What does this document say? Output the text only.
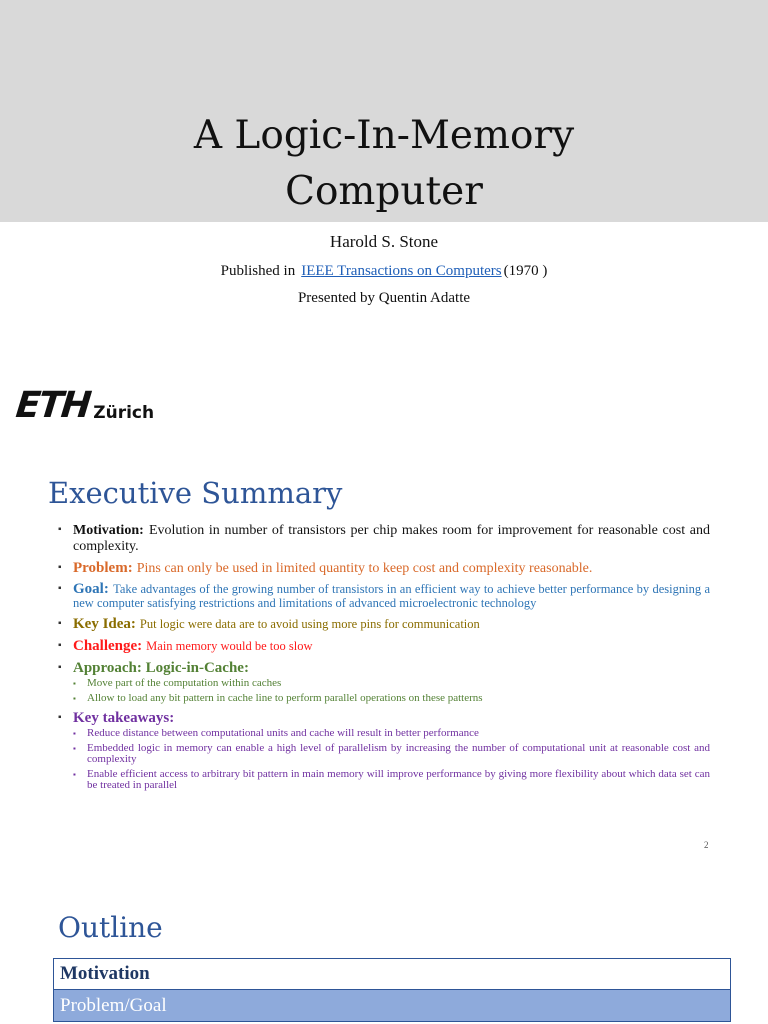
A Logic-In-Memory
Computer
Harold S. Stone
Published in IEEE Transactions on Computers (1970 )
Presented by Quentin Adatte
ETH Zürich
Executive Summary
▪ Motivation: Evolution in number of transistors per chip makes room for improvement for reasonable cost and complexity.
▪ Problem: Pins can only be used in limited quantity to keep cost and complexity reasonable.
▪ Goal: Take advantages of the growing number of transistors in an efficient way to achieve better performance by designing a new computer satisfying restrictions and limitations of advanced microelectronic technology
▪ Key Idea: Put logic were data are to avoid using more pins for communication
▪ Challenge: Main memory would be too slow
▪ Approach: Logic-in-Cache:
▪ Move part of the computation within caches
▪ Allow to load any bit pattern in cache line to perform parallel operations on these patterns
▪ Key takeaways:
▪ Reduce distance between computational units and cache will result in better performance
▪ Embedded logic in memory can enable a high level of parallelism by increasing the number of computational unit at reasonable cost and complexity
▪ Enable efficient access to arbitrary bit pattern in main memory will improve performance by giving more flexibility about which data set can be treated in parallel
2
Outline
Motivation
Problem/Goal
